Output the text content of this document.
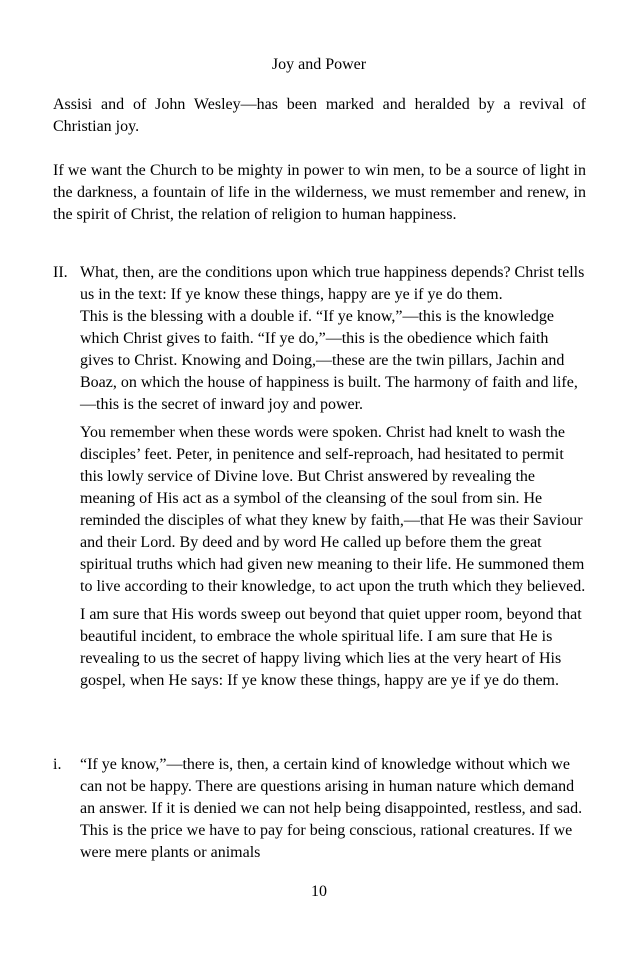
Joy and Power
Assisi and of John Wesley—has been marked and heralded by a revival of Christian joy.
If we want the Church to be mighty in power to win men, to be a source of light in the darkness, a fountain of life in the wilderness, we must remember and renew, in the spirit of Christ, the relation of religion to human happiness.
II. What, then, are the conditions upon which true happiness depends? Christ tells us in the text: If ye know these things, happy are ye if ye do them.

This is the blessing with a double if. “If ye know,”—this is the knowledge which Christ gives to faith. “If ye do,”—this is the obedience which faith gives to Christ. Knowing and Doing,—these are the twin pillars, Jachin and Boaz, on which the house of happiness is built. The harmony of faith and life,—this is the secret of inward joy and power.

You remember when these words were spoken. Christ had knelt to wash the disciples’ feet. Peter, in penitence and self-reproach, had hesitated to permit this lowly service of Divine love. But Christ answered by revealing the meaning of His act as a symbol of the cleansing of the soul from sin. He reminded the disciples of what they knew by faith,—that He was their Saviour and their Lord. By deed and by word He called up before them the great spiritual truths which had given new meaning to their life. He summoned them to live according to their knowledge, to act upon the truth which they believed.

I am sure that His words sweep out beyond that quiet upper room, beyond that beautiful incident, to embrace the whole spiritual life. I am sure that He is revealing to us the secret of happy living which lies at the very heart of His gospel, when He says: If ye know these things, happy are ye if ye do them.

i. “If ye know,”—there is, then, a certain kind of knowledge without which we can not be happy. There are questions arising in human nature which demand an answer. If it is denied we can not help being disappointed, restless, and sad. This is the price we have to pay for being conscious, rational creatures. If we were mere plants or animals

10
